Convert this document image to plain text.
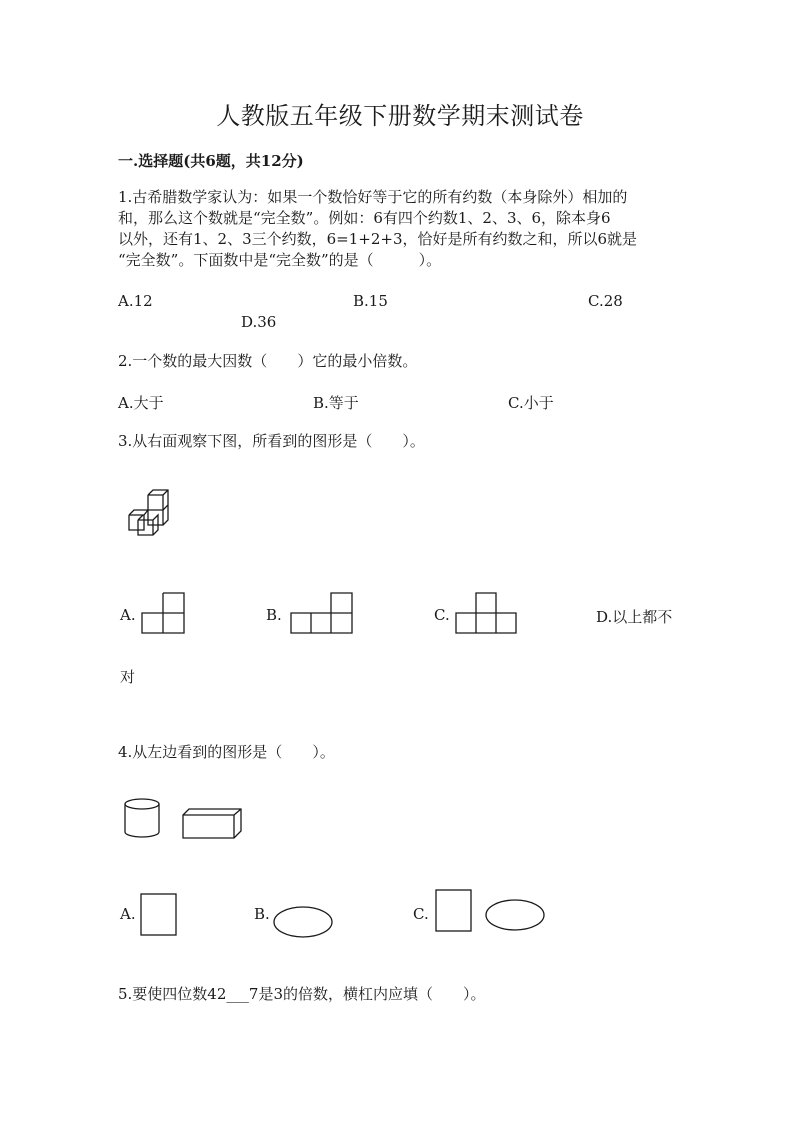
人教版五年级下册数学期末测试卷
一.选择题(共6题，共12分)
1.古希腊数学家认为：如果一个数恰好等于它的所有约数（本身除外）相加的
和，那么这个数就是“完全数”。例如：6有四个约数1、2、3、6，除本身6
以外，还有1、2、3三个约数，6=1+2+3，恰好是所有约数之和，所以6就是
“完全数”。下面数中是“完全数”的是（　　　）。
A.12	B.15	C.28
D.36
2.一个数的最大因数（　　）它的最小倍数。
A.大于	B.等于	C.小于
3.从右面观察下图，所看到的图形是（　　）。
A.	B.	C.	D.以上都不
对
4.从左边看到的图形是（　　）。
A.	B.	C.
5.要使四位数42___7是3的倍数，横杠内应填（　　）。
